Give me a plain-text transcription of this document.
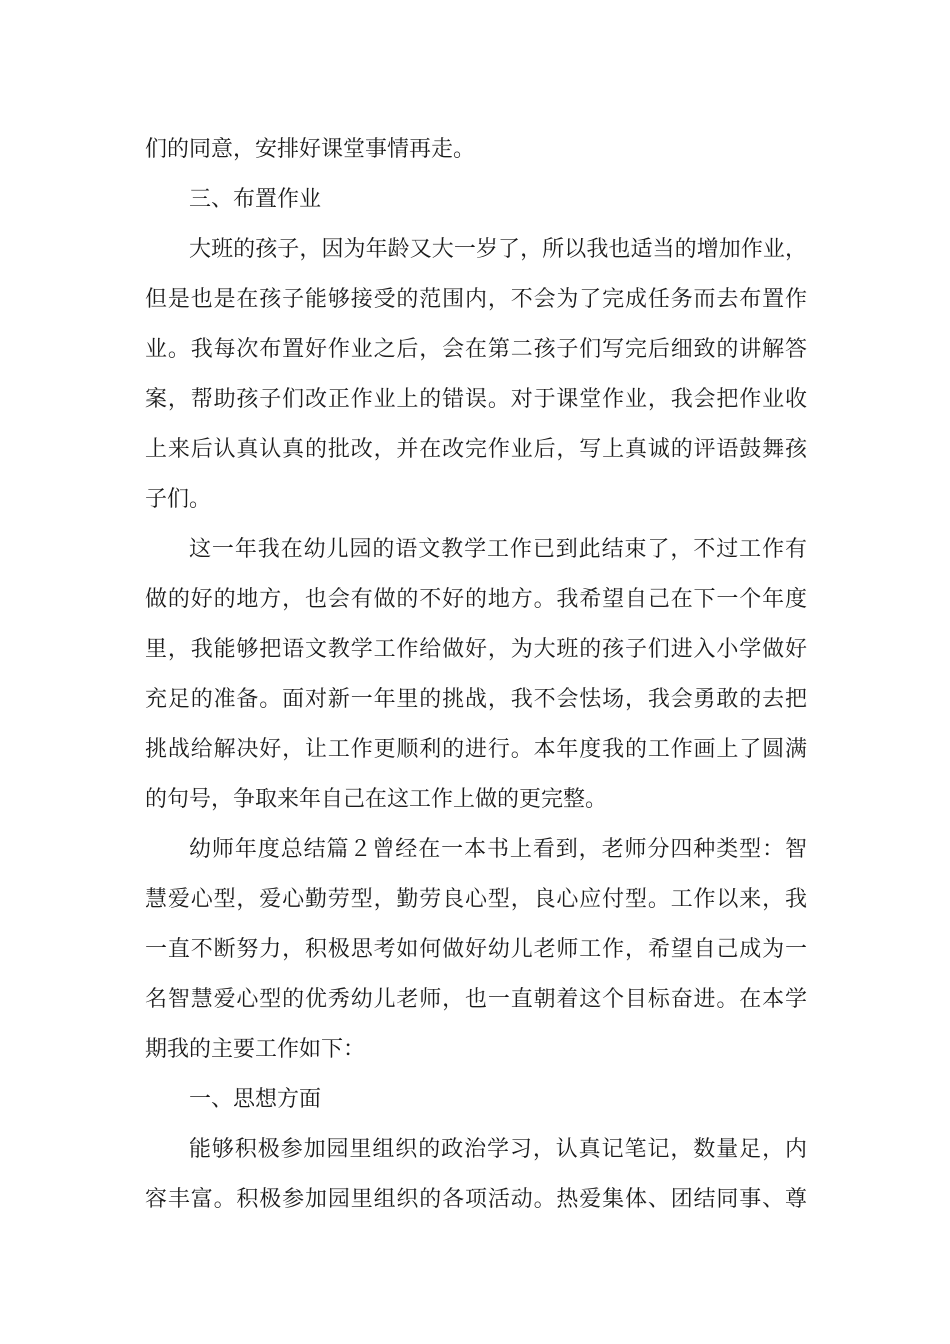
们的同意，安排好课堂事情再走。
三、布置作业
大班的孩子，因为年龄又大一岁了，所以我也适当的增加作业，
但是也是在孩子能够接受的范围内，不会为了完成任务而去布置作
业。我每次布置好作业之后，会在第二孩子们写完后细致的讲解答
案，帮助孩子们改正作业上的错误。对于课堂作业，我会把作业收
上来后认真认真的批改，并在改完作业后，写上真诚的评语鼓舞孩
子们。
这一年我在幼儿园的语文教学工作已到此结束了，不过工作有
做的好的地方，也会有做的不好的地方。我希望自己在下一个年度
里，我能够把语文教学工作给做好，为大班的孩子们进入小学做好
充足的准备。面对新一年里的挑战，我不会怯场，我会勇敢的去把
挑战给解决好，让工作更顺利的进行。本年度我的工作画上了圆满
的句号，争取来年自己在这工作上做的更完整。
幼师年度总结篇２曾经在一本书上看到，老师分四种类型：智
慧爱心型，爱心勤劳型，勤劳良心型，良心应付型。工作以来，我
一直不断努力，积极思考如何做好幼儿老师工作，希望自己成为一
名智慧爱心型的优秀幼儿老师，也一直朝着这个目标奋进。在本学
期我的主要工作如下：
一、思想方面
能够积极参加园里组织的政治学习，认真记笔记，数量足，内
容丰富。积极参加园里组织的各项活动。热爱集体、团结同事、尊
